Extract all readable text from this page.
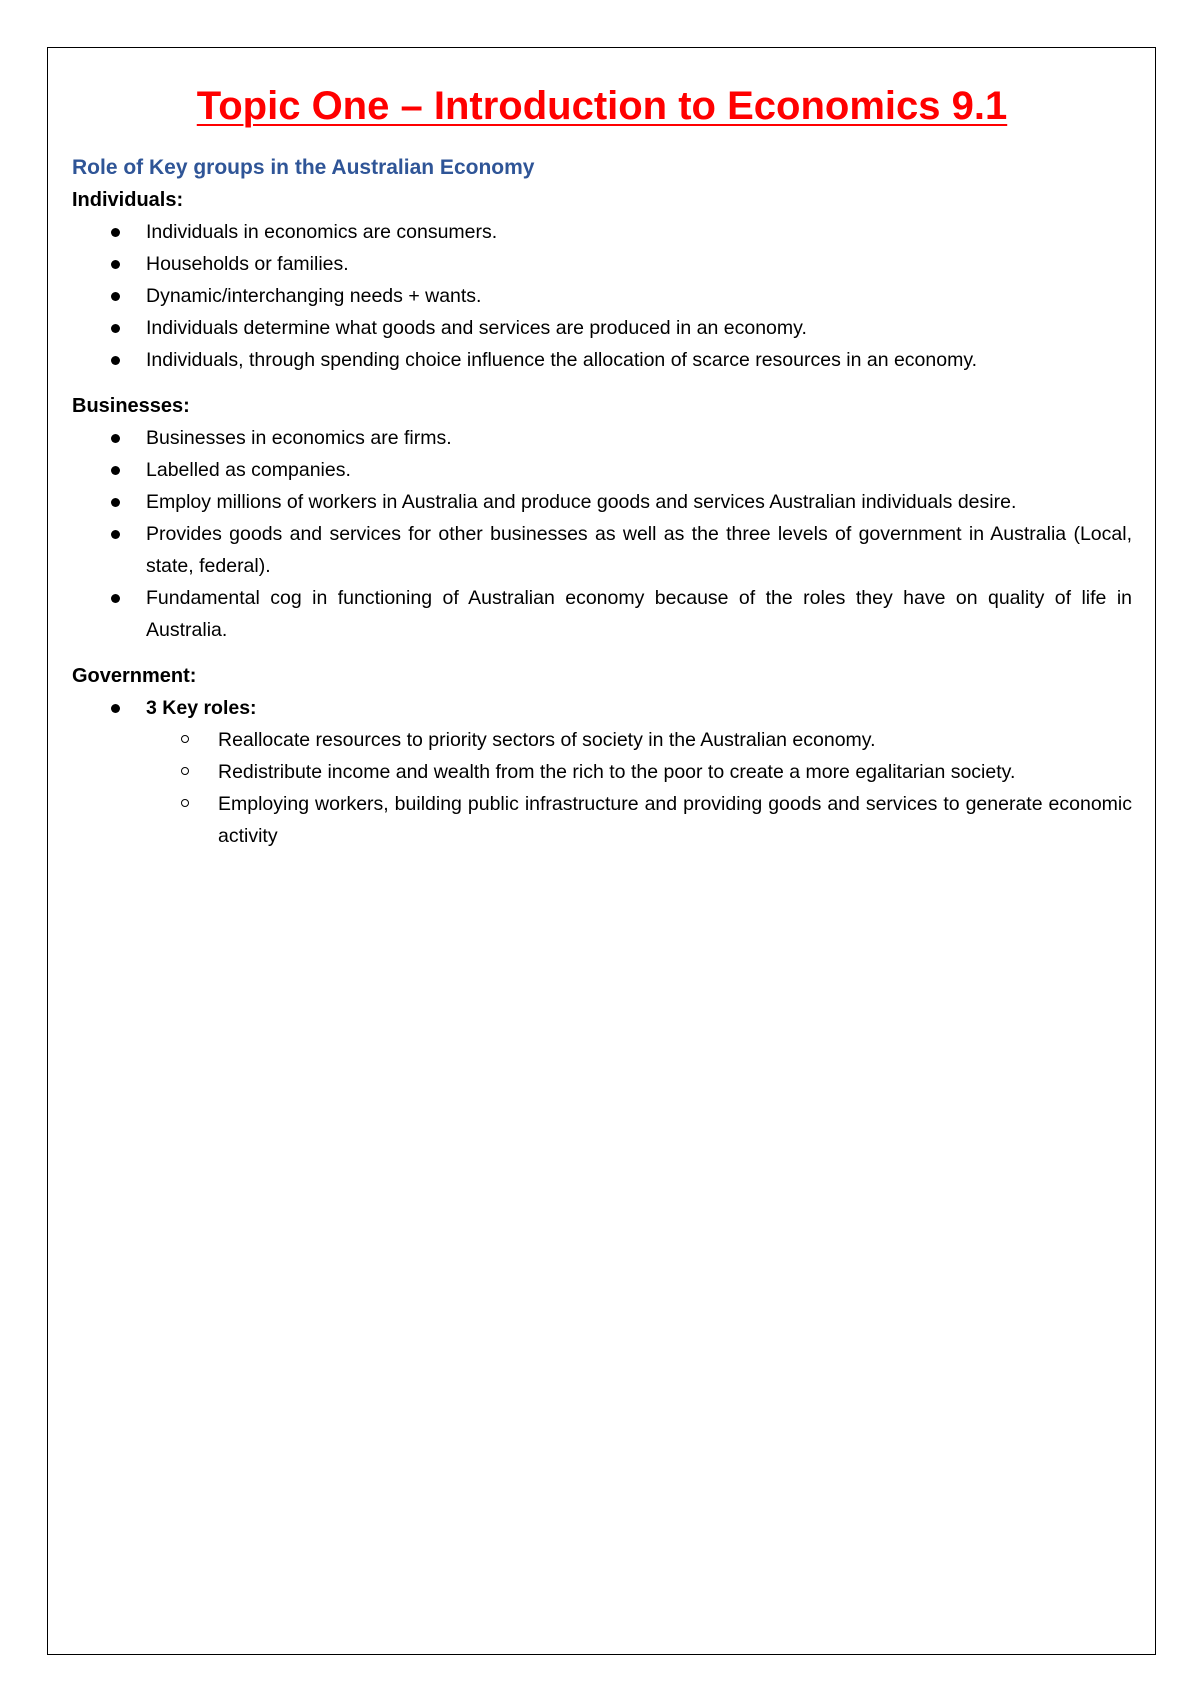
Topic One – Introduction to Economics 9.1
Role of Key groups in the Australian Economy
Individuals:
Individuals in economics are consumers.
Households or families.
Dynamic/interchanging needs + wants.
Individuals determine what goods and services are produced in an economy.
Individuals, through spending choice influence the allocation of scarce resources in an economy.
Businesses:
Businesses in economics are firms.
Labelled as companies.
Employ millions of workers in Australia and produce goods and services Australian individuals desire.
Provides goods and services for other businesses as well as the three levels of government in Australia (Local, state, federal).
Fundamental cog in functioning of Australian economy because of the roles they have on quality of life in Australia.
Government:
3 Key roles:
Reallocate resources to priority sectors of society in the Australian economy.
Redistribute income and wealth from the rich to the poor to create a more egalitarian society.
Employing workers, building public infrastructure and providing goods and services to generate economic activity
